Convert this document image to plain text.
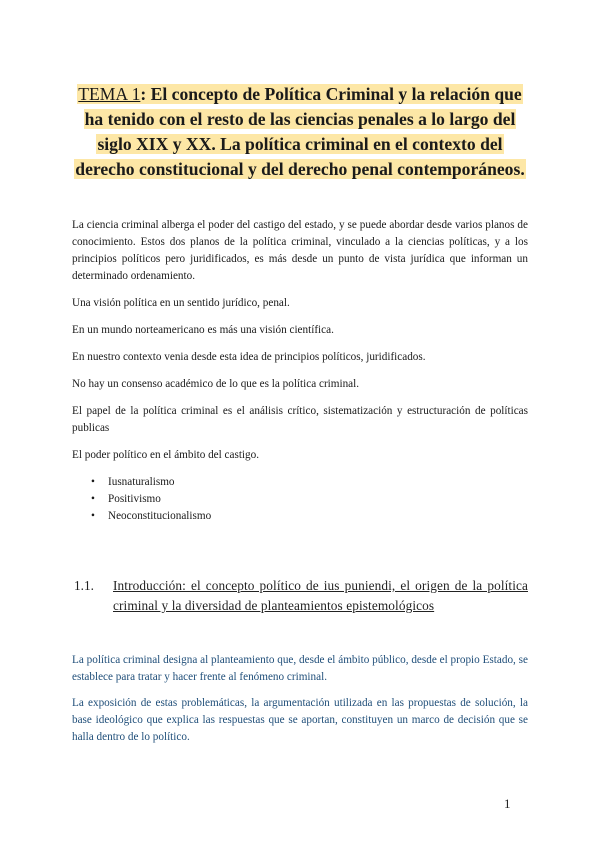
TEMA 1: El concepto de Política Criminal y la relación que ha tenido con el resto de las ciencias penales a lo largo del siglo XIX y XX. La política criminal en el contexto del derecho constitucional y del derecho penal contemporáneos.

La ciencia criminal alberga el poder del castigo del estado, y se puede abordar desde varios planos de conocimiento. Estos dos planos de la política criminal, vinculado a la ciencias políticas, y a los principios políticos pero juridificados, es más desde un punto de vista jurídica que informan un determinado ordenamiento.

Una visión política en un sentido jurídico, penal.

En un mundo norteamericano es más una visión científica.

En nuestro contexto venia desde esta idea de principios políticos, juridificados.

No hay un consenso académico de lo que es la política criminal.

El papel de la política criminal es el análisis crítico, sistematización y estructuración de políticas publicas

El poder político en el ámbito del castigo.

• Iusnaturalismo
• Positivismo
• Neoconstitucionalismo
1.1. Introducción: el concepto político de ius puniendi, el origen de la política criminal y la diversidad de planteamientos epistemológicos

La política criminal designa al planteamiento que, desde el ámbito público, desde el propio Estado, se establece para tratar y hacer frente al fenómeno criminal.

La exposición de estas problemáticas, la argumentación utilizada en las propuestas de solución, la base ideológico que explica las respuestas que se aportan, constituyen un marco de decisión que se halla dentro de lo político.

1
